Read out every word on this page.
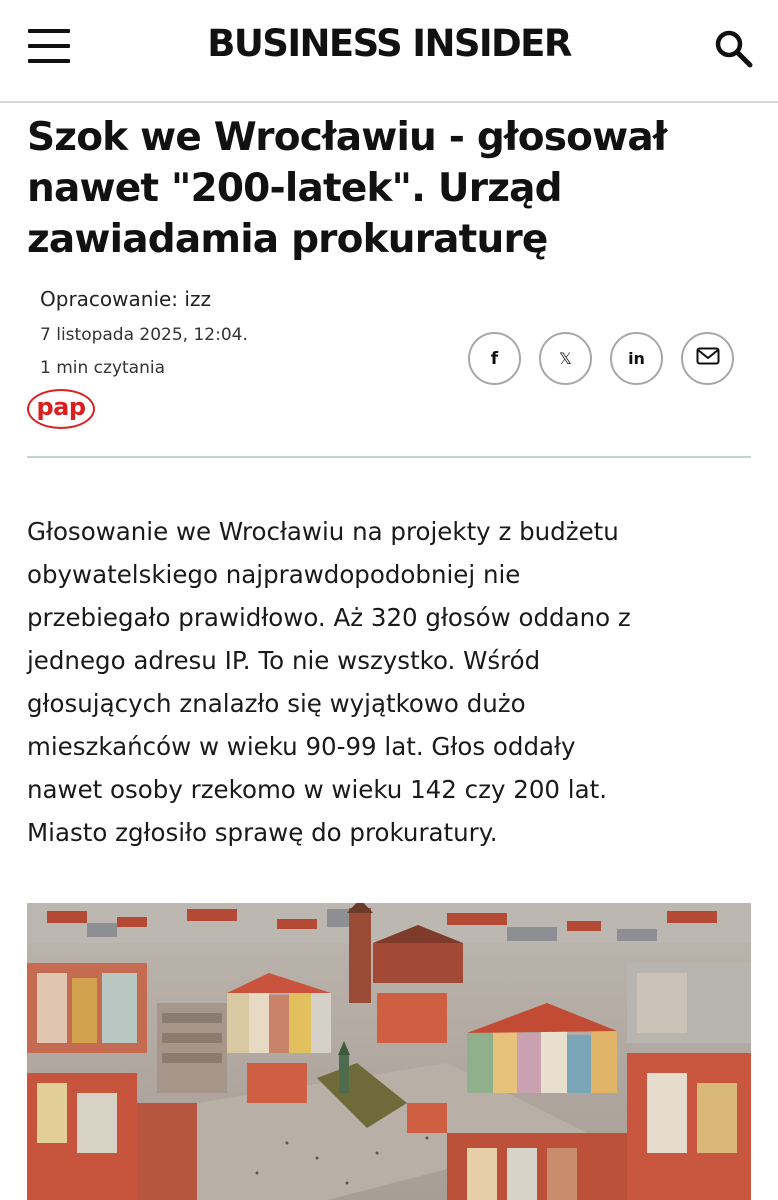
BUSINESS INSIDER
Szok we Wrocławiu - głosował
nawet "200-latek". Urząd
zawiadamia prokuraturę
Opracowanie: izz
7 listopada 2025, 12:04.
1 min czytania
pap
f	𝕏	in
Głosowanie we Wrocławiu na projekty z budżetu
obywatelskiego najprawdopodobniej nie
przebiegało prawidłowo. Aż 320 głosów oddano z
jednego adresu IP. To nie wszystko. Wśród
głosujących znalazło się wyjątkowo dużo
mieszkańców w wieku 90-99 lat. Głos oddały
nawet osoby rzekomo w wieku 142 czy 200 lat.
Miasto zgłosiło sprawę do prokuratury.
